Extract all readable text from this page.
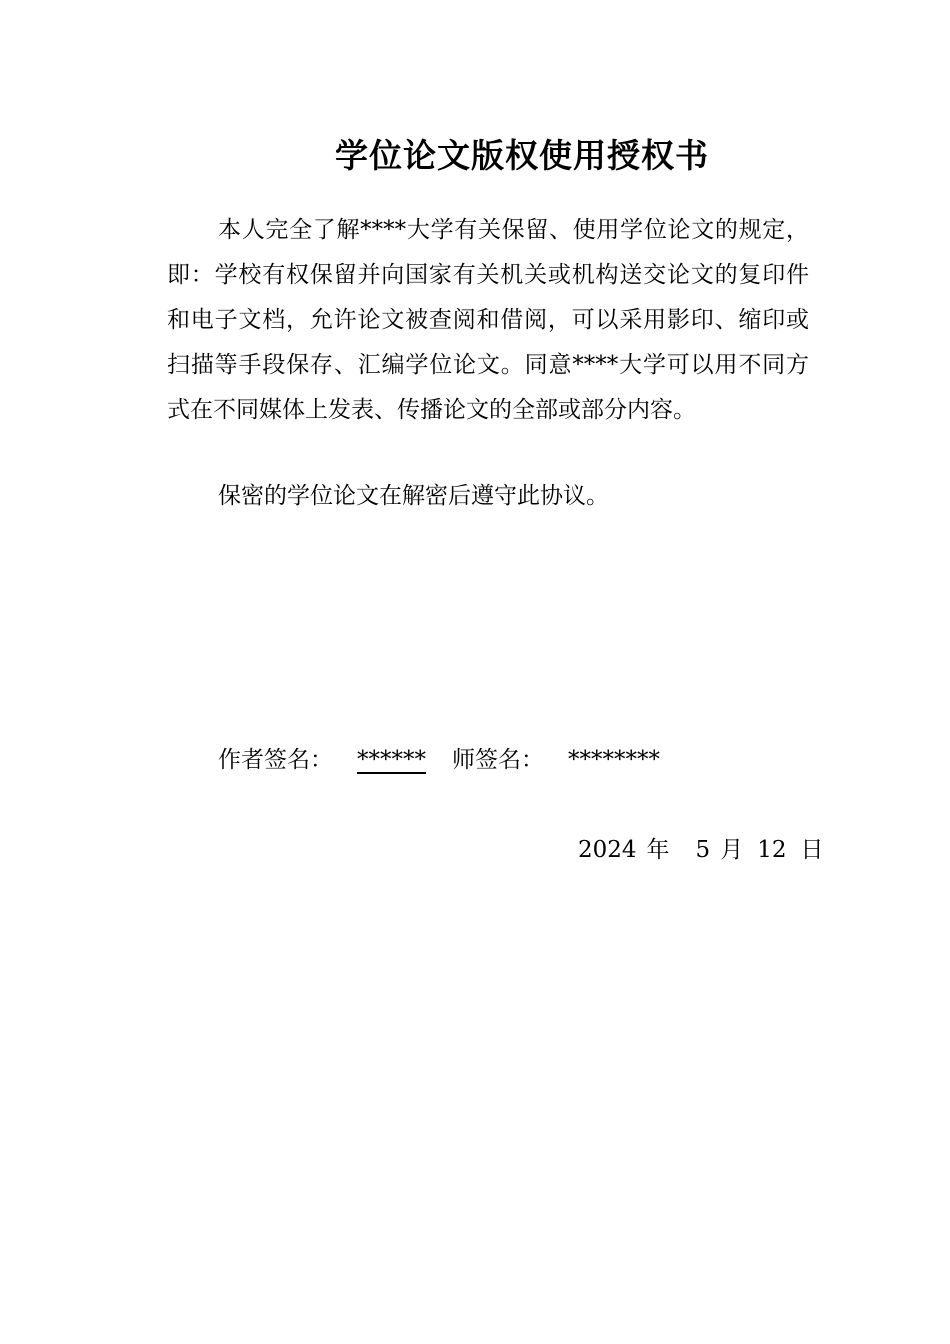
学位论文版权使用授权书

本人完全了解****大学有关保留、使用学位论文的规定，即：学校有权保留并向国家有关机关或机构送交论文的复印件和电子文档，允许论文被查阅和借阅，可以采用影印、缩印或扫描等手段保存、汇编学位论文。同意****大学可以用不同方式在不同媒体上发表、传播论文的全部或部分内容。

保密的学位论文在解密后遵守此协议。

作者签名： ****** 师签名： ********
2024 年 5 月 12 日
